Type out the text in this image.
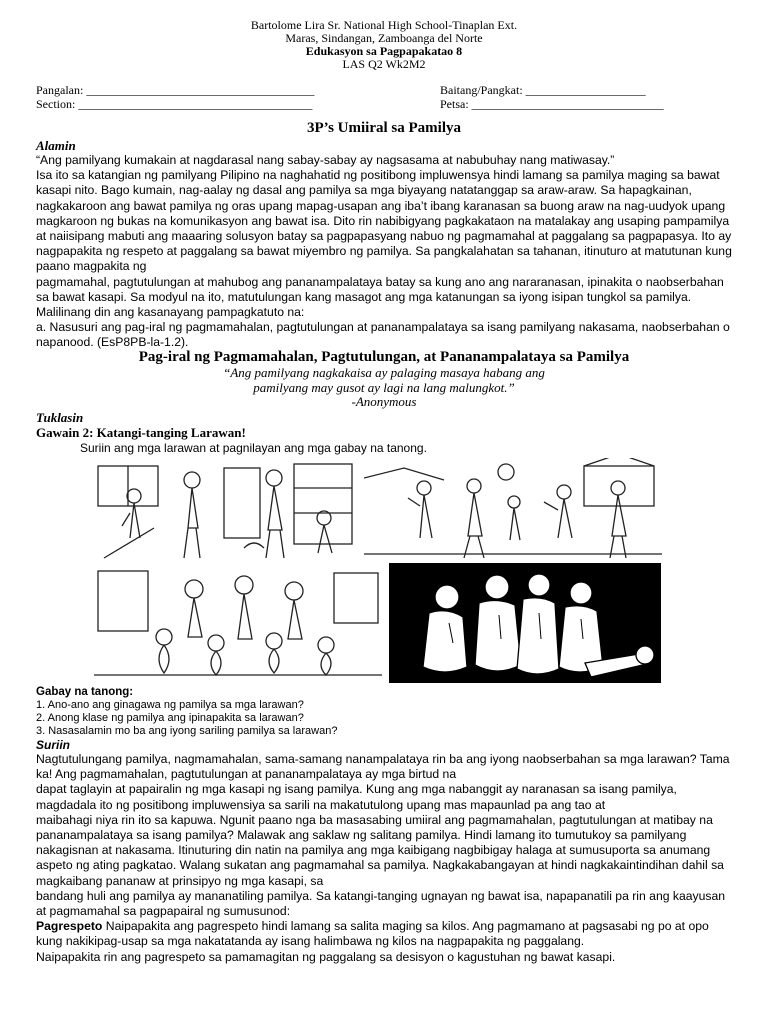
Bartolome Lira Sr. National High School-Tinaplan Ext.
Maras, Sindangan, Zamboanga del Norte
Edukasyon sa Pagpapakatao 8
LAS Q2 Wk2M2
Pangalan: ______________________________________
Section: _______________________________________
Baitang/Pangkat: ____________________
Petsa: ________________________________
3P’s Umiiral sa Pamilya
Alamin

“Ang pamilyang kumakain at nagdarasal nang sabay-sabay ay nagsasama at nabubuhay nang matiwasay.”

Isa ito sa katangian ng pamilyang Pilipino na naghahatid ng positibong impluwensya hindi lamang sa pamilya maging sa bawat kasapi nito. Bago kumain, nag-aalay ng dasal ang pamilya sa mga biyayang natatanggap sa araw-araw. Sa hapagkainan, nagkakaroon ang bawat pamilya ng oras upang mapag-usapan ang iba’t ibang karanasan sa buong araw na nag-uudyok upang magkaroon ng bukas na komunikasyon ang bawat isa. Dito rin nabibigyang pagkakataon na matalakay ang usaping pampamilya at naiisipang mabuti ang maaaring solusyon batay sa pagpapasyang nabuo ng pagmamahal at paggalang sa pagpapasya. Ito ay nagpapakita ng respeto at paggalang sa bawat miyembro ng pamilya. Sa pangkalahatan sa tahanan, itinuturo at matutunan kung paano magpakita ng

pagmamahal, pagtutulungan at mahubog ang pananampalataya batay sa kung ano ang nararanasan, ipinakita o naobserbahan sa bawat kasapi. Sa modyul na ito, matutulungan kang masagot ang mga katanungan sa iyong isipan tungkol sa pamilya. Malilinang din ang kasanayang pampagkatuto na:

a. Nasusuri ang pag-iral ng pagmamahalan, pagtutulungan at pananampalataya sa isang pamilyang nakasama, naobserbahan o napanood. (EsP8PB-la-1.2).

Pag-iral ng Pagmamahalan, Pagtutulungan, at Pananampalataya sa Pamilya
“Ang pamilyang nagkakaisa ay palaging masaya habang ang
pamilyang may gusot ay lagi na lang malungkot.”
-Anonymous
Tuklasin
Gawain 2: Katangi-tanging Larawan!
Suriin ang mga larawan at pagnilayan ang mga gabay na tanong.
Gabay na tanong:
1. Ano-ano ang ginagawa ng pamilya sa mga larawan?
2. Anong klase ng pamilya ang ipinapakita sa larawan?
3. Nasasalamin mo ba ang iyong sariling pamilya sa larawan?
Suriin

Nagtutulungang pamilya, nagmamahalan, sama-samang nanampalataya rin ba ang iyong naobserbahan sa mga larawan? Tama ka! Ang pagmamahalan, pagtutulungan at pananampalataya ay mga birtud na

dapat taglayin at papairalin ng mga kasapi ng isang pamilya. Kung ang mga nabanggit ay naranasan sa isang pamilya, magdadala ito ng positibong impluwensiya sa sarili na makatutulong upang mas mapaunlad pa ang tao at

maibahagi niya rin ito sa kapuwa. Ngunit paano nga ba masasabing umiiral ang pagmamahalan, pagtutulungan at matibay na pananampalataya sa isang pamilya? Malawak ang saklaw ng salitang pamilya. Hindi lamang ito tumutukoy sa pamilyang nakagisnan at nakasama. Itinuturing din natin na pamilya ang mga kaibigang nagbibigay halaga at sumusuporta sa anumang aspeto ng ating pagkatao. Walang sukatan ang pagmamahal sa pamilya. Nagkakabangayan at hindi nagkakaintindihan dahil sa magkaibang pananaw at prinsipyo ng mga kasapi, sa

bandang huli ang pamilya ay mananatiling pamilya. Sa katangi-tanging ugnayan ng bawat isa, napapanatili pa rin ang kaayusan at pagmamahal sa pagpapairal ng sumusunod:

Pagrespeto Naipapakita ang pagrespeto hindi lamang sa salita maging sa kilos. Ang pagmamano at pagsasabi ng po at opo kung nakikipag-usap sa mga nakatatanda ay isang halimbawa ng kilos na nagpapakita ng paggalang.

Naipapakita rin ang pagrespeto sa pamamagitan ng paggalang sa desisyon o kagustuhan ng bawat kasapi.
